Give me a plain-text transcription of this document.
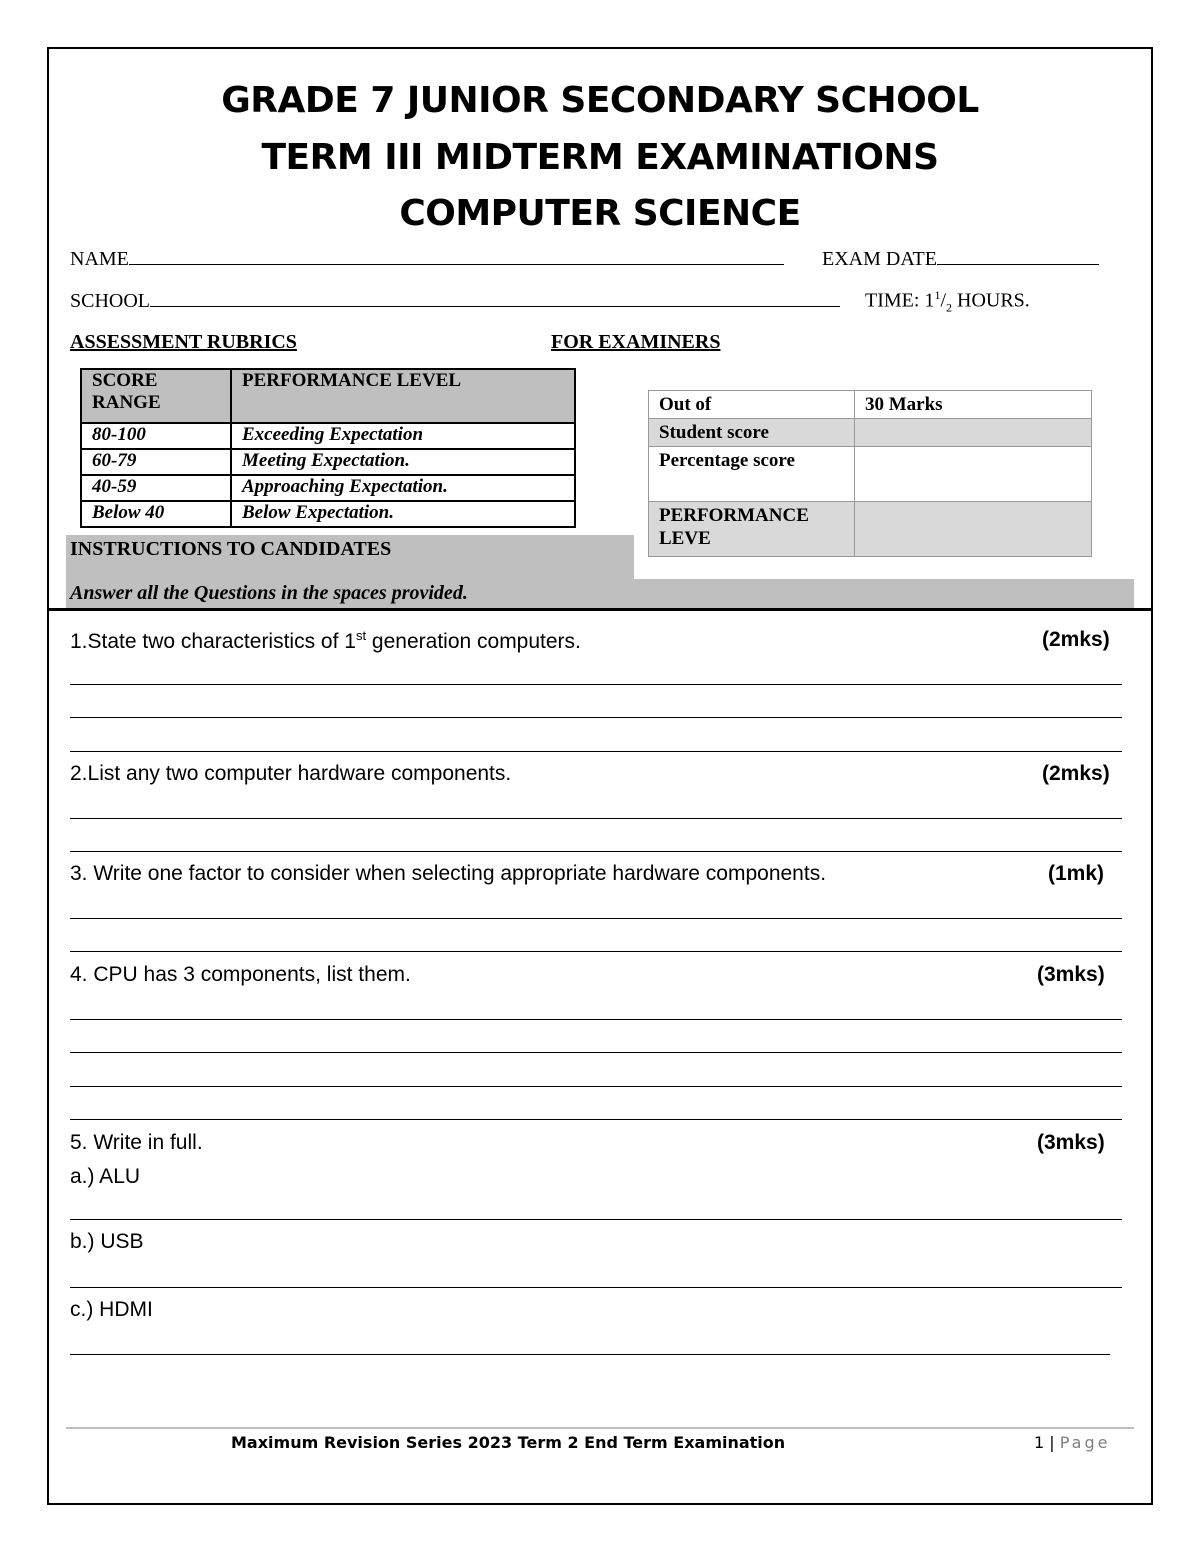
GRADE 7 JUNIOR SECONDARY SCHOOL
TERM III MIDTERM EXAMINATIONS
COMPUTER SCIENCE
NAME	EXAM DATE
SCHOOL	TIME: $1^1/_2$ HOURS.
ASSESSMENT RUBRICS	FOR EXAMINERS
SCORE RANGE	PERFORMANCE LEVEL
80-100	Exceeding Expectation
60-79	Meeting Expectation.
40-59	Approaching Expectation.
Below 40	Below Expectation.
Out of	30 Marks
Student score	
Percentage score	
PERFORMANCE LEVE	
INSTRUCTIONS TO CANDIDATES
Answer all the Questions in the spaces provided.
1.State two characteristics of 1st generation computers.	(2mks)
2.List any two computer hardware components.	(2mks)
3. Write one factor to consider when selecting appropriate hardware components.	(1mk)
4. CPU has 3 components, list them.	(3mks)
5. Write in full.	(3mks)
a.) ALU
b.) USB
c.) HDMI
Maximum Revision Series 2023 Term 2 End Term Examination	1 | Page
